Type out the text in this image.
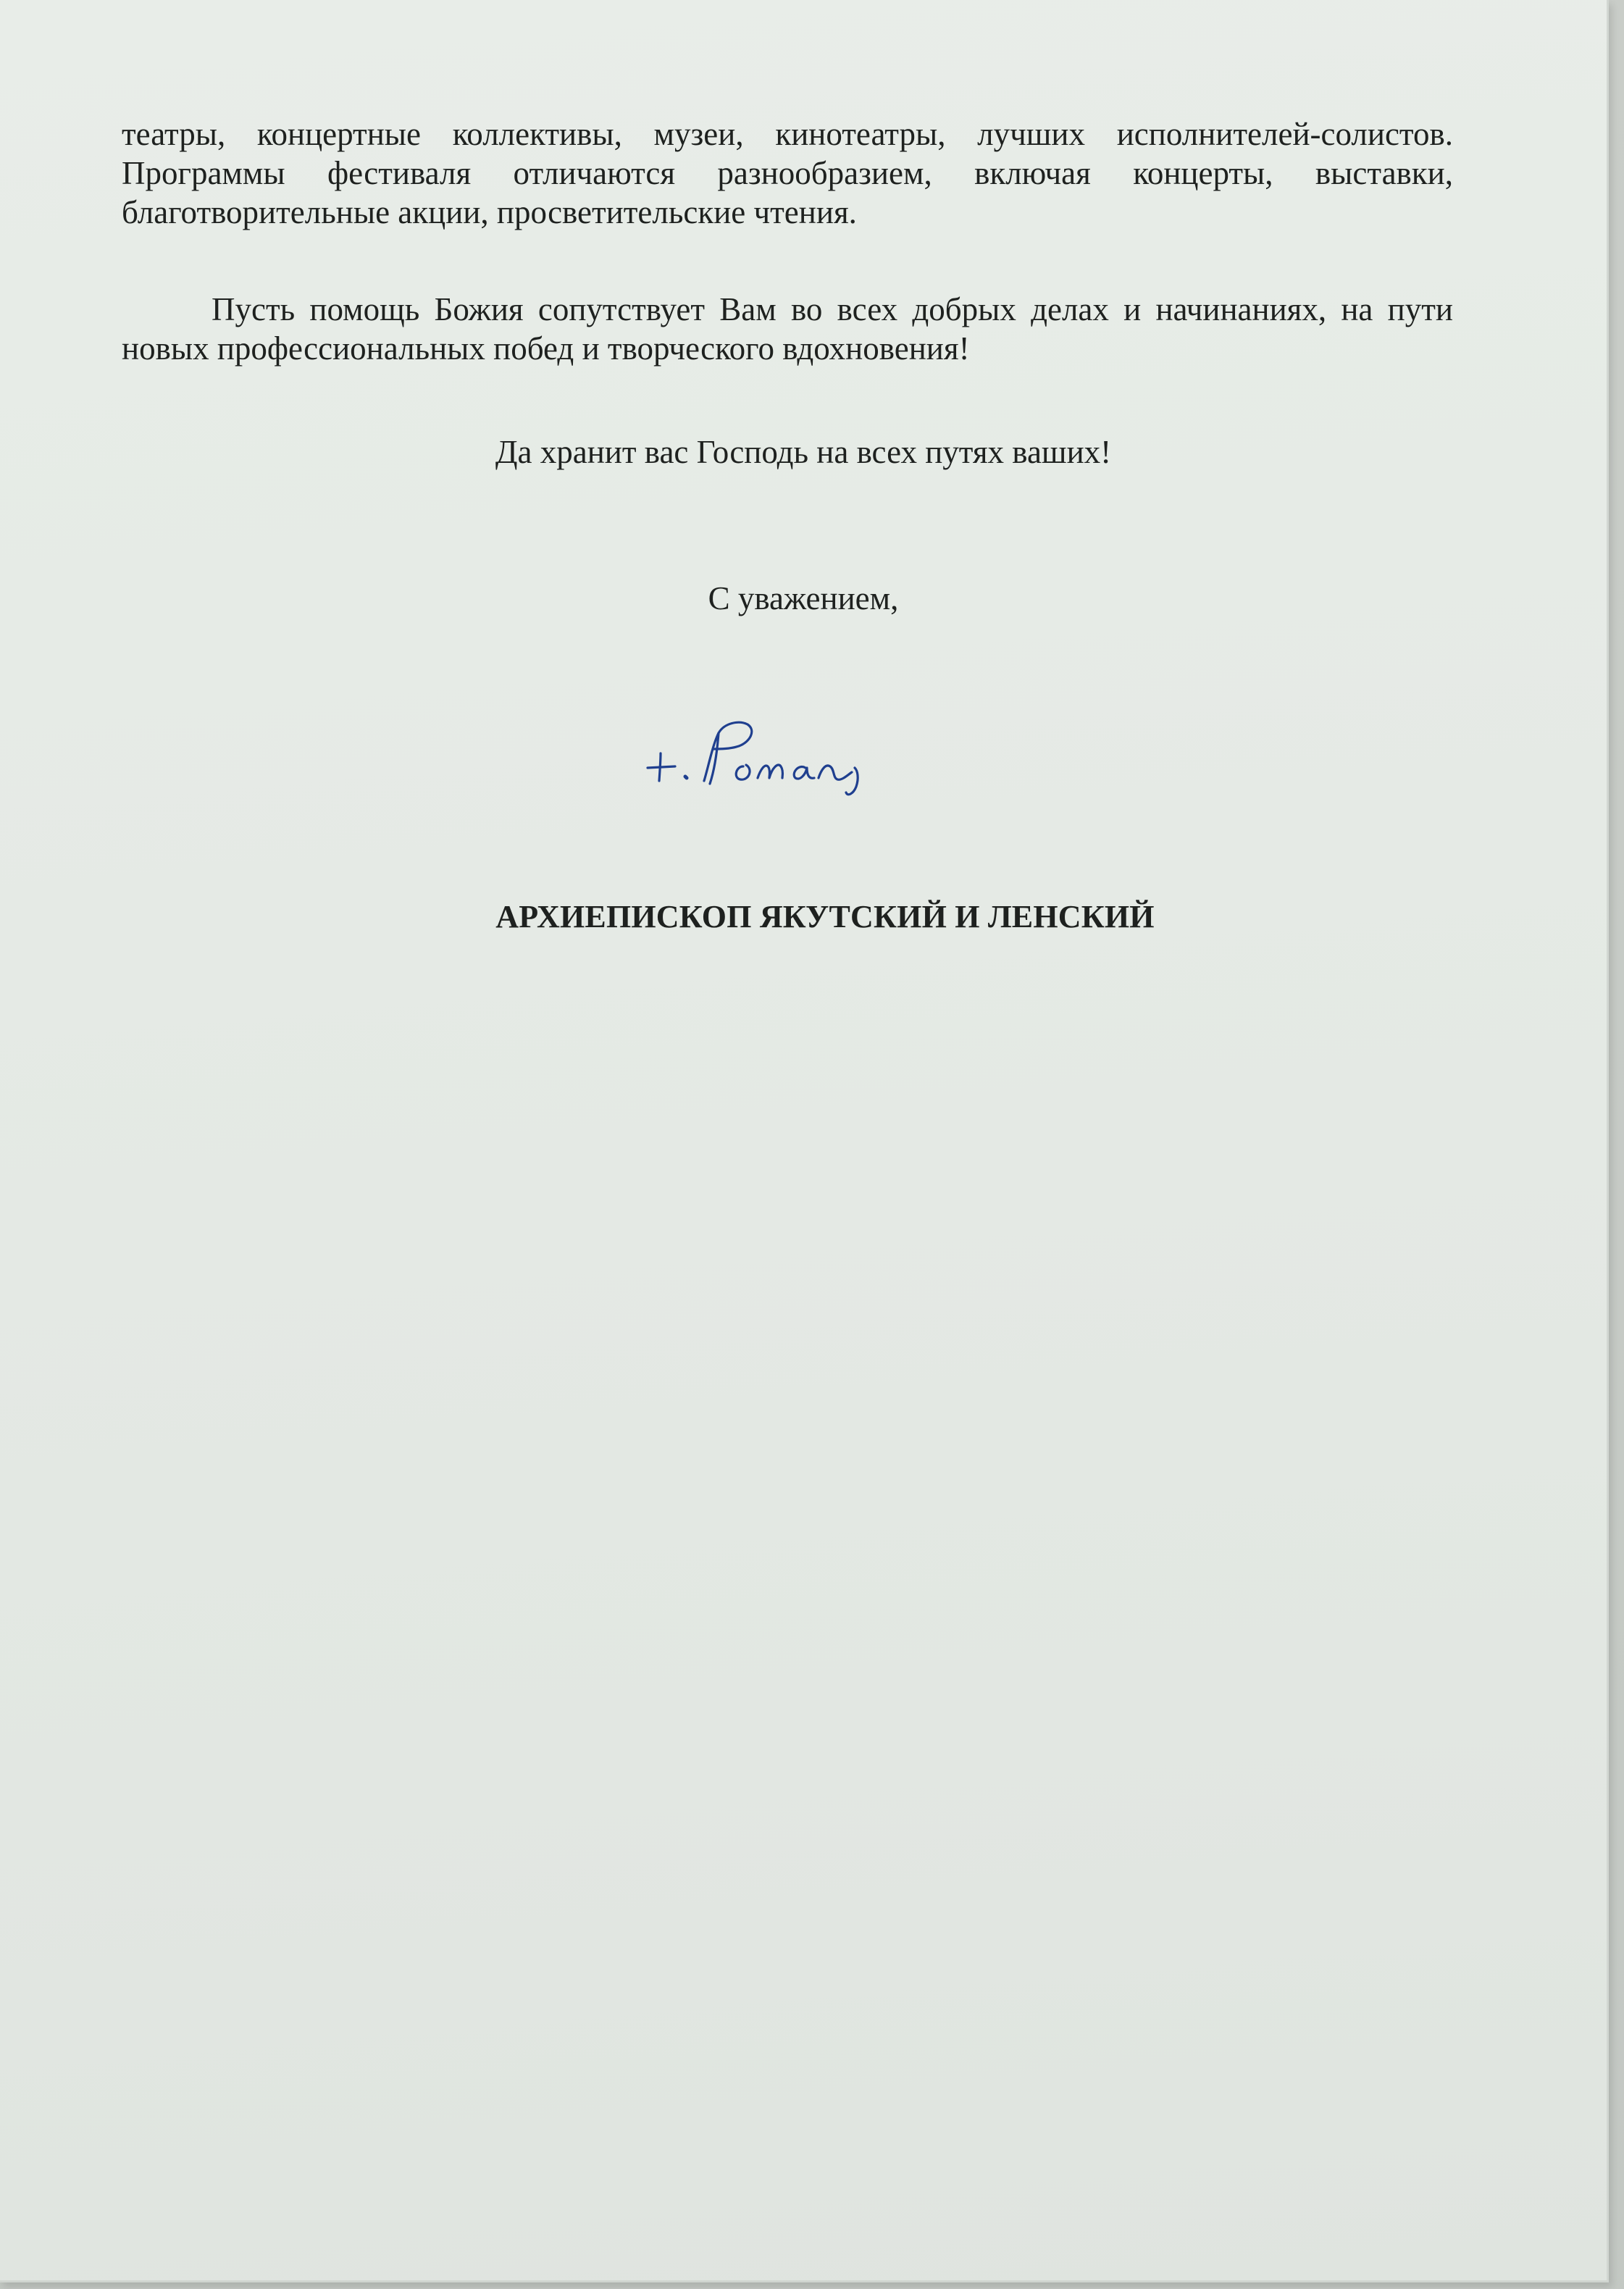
театры, концертные коллективы, музеи, кинотеатры, лучших исполнителей-солистов. Программы фестиваля отличаются разнообразием, включая концерты, выставки, благотворительные акции, просветительские чтения.
Пусть помощь Божия сопутствует Вам во всех добрых делах и начинаниях, на пути новых профессиональных побед и творческого вдохновения!
Да хранит вас Господь на всех путях ваших!
С уважением,
АРХИЕПИСКОП ЯКУТСКИЙ И ЛЕНСКИЙ
